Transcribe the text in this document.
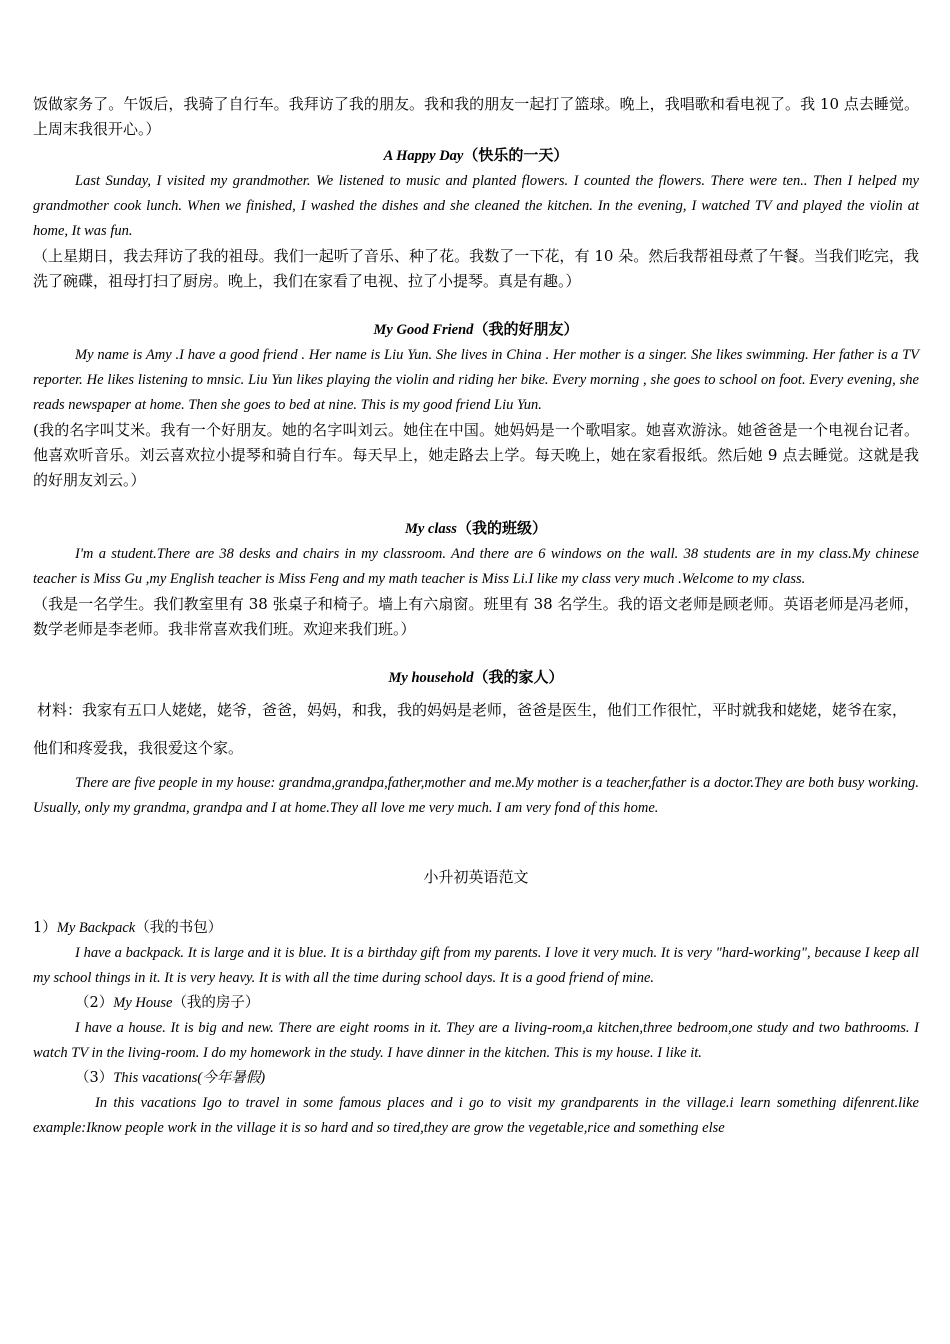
饭做家务了。午饭后，我骑了自行车。我拜访了我的朋友。我和我的朋友一起打了篮球。晚上，我唱歌和看电视了。我 10 点去睡觉。上周末我很开心。）

A Happy Day（快乐的一天）

Last Sunday, I visited my grandmother. We listened to music and planted flowers. I counted the flowers. There were ten.. Then I helped my grandmother cook lunch. When we finished, I washed the dishes and she cleaned the kitchen. In the evening, I watched TV and played the violin at home, It was fun.

（上星期日，我去拜访了我的祖母。我们一起听了音乐、种了花。我数了一下花，有 10 朵。然后我帮祖母煮了午餐。当我们吃完，我洗了碗碟，祖母打扫了厨房。晚上，我们在家看了电视、拉了小提琴。真是有趣。）

My Good Friend（我的好朋友）

My name is Amy .I have a good friend . Her name is Liu Yun. She lives in China . Her mother is a singer. She likes swimming. Her father is a TV reporter. He likes listening to mnsic. Liu Yun likes playing the violin and riding her bike. Every morning , she goes to school on foot. Every evening, she reads newspaper at home. Then she goes to bed at nine. This is my good friend Liu Yun.

(我的名字叫艾米。我有一个好朋友。她的名字叫刘云。她住在中国。她妈妈是一个歌唱家。她喜欢游泳。她爸爸是一个电视台记者。他喜欢听音乐。刘云喜欢拉小提琴和骑自行车。每天早上，她走路去上学。每天晚上，她在家看报纸。然后她 9 点去睡觉。这就是我的好朋友刘云。）

My class（我的班级）

I'm a student.There are 38 desks and chairs in my classroom. And there are 6 windows on the wall. 38 students are in my class.My chinese teacher is Miss Gu ,my English teacher is Miss Feng and my math teacher is Miss Li.I like my class very much .Welcome to my class.

（我是一名学生。我们教室里有 38 张桌子和椅子。墙上有六扇窗。班里有 38 名学生。我的语文老师是顾老师。英语老师是冯老师，数学老师是李老师。我非常喜欢我们班。欢迎来我们班。）

My household（我的家人）

材料：我家有五口人姥姥，姥爷，爸爸，妈妈，和我，我的妈妈是老师，爸爸是医生，他们工作很忙，平时就我和姥姥，姥爷在家，他们和疼爱我，我很爱这个家。

There are five people in my house: grandma,grandpa,father,mother and me.My mother is a teacher,father is a doctor.They are both busy working. Usually, only my grandma, grandpa and I at home.They all love me very much. I am very fond of this home.

小升初英语范文

1）My Backpack（我的书包）

I have a backpack. It is large and it is blue. It is a birthday gift from my parents. I love it very much. It is very "hard-working", because I keep all my school things in it. It is very heavy. It is with all the time during school days. It is a good friend of mine.

（2）My House（我的房子）

I have a house. It is big and new. There are eight rooms in it. They are a living-room,a kitchen,three bedroom,one study and two bathrooms. I watch TV in the living-room. I do my homework in the study. I have dinner in the kitchen. This is my house. I like it.

（3）This vacations(今年暑假)

In this vacations Igo to travel in some famous places and i go to visit my grandparents in the village.i learn something difenrent.like example:Iknow people work in the village it is so hard and so tired,they are grow the vegetable,rice and something else
